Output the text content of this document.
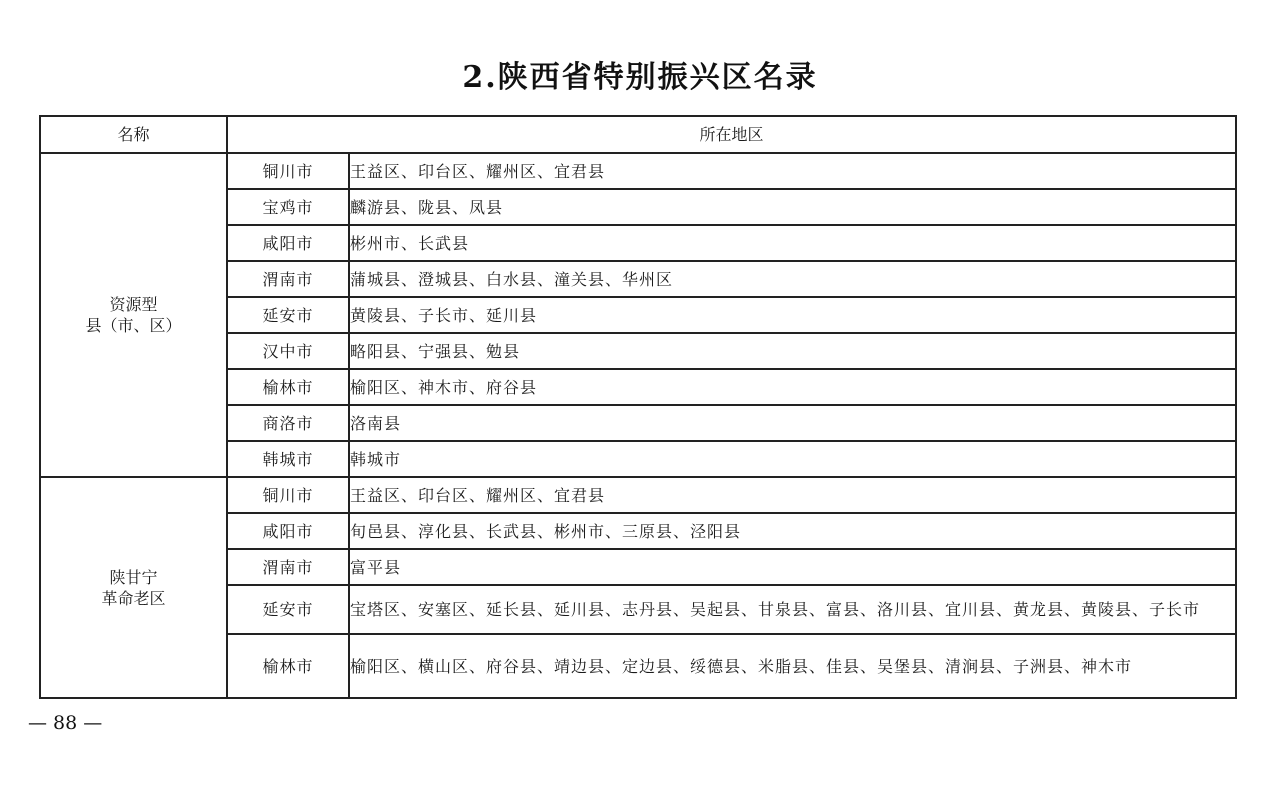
2.陕西省特别振兴区名录
名称	所在地区	

资源型
县（市、区）	铜川市	王益区、印台区、耀州区、宜君县
	宝鸡市	麟游县、陇县、凤县
	咸阳市	彬州市、长武县
	渭南市	蒲城县、澄城县、白水县、潼关县、华州区
	延安市	黄陵县、子长市、延川县
	汉中市	略阳县、宁强县、勉县
	榆林市	榆阳区、神木市、府谷县
	商洛市	洛南县
	韩城市	韩城市

陕甘宁
革命老区	铜川市	王益区、印台区、耀州区、宜君县
	咸阳市	旬邑县、淳化县、长武县、彬州市、三原县、泾阳县
	渭南市	富平县
	延安市	宝塔区、安塞区、延长县、延川县、志丹县、吴起县、甘泉县、富县、洛川县、宜川县、黄龙县、黄陵县、子长市
	榆林市	榆阳区、横山区、府谷县、靖边县、定边县、绥德县、米脂县、佳县、吴堡县、清涧县、子洲县、神木市
— 88 —
